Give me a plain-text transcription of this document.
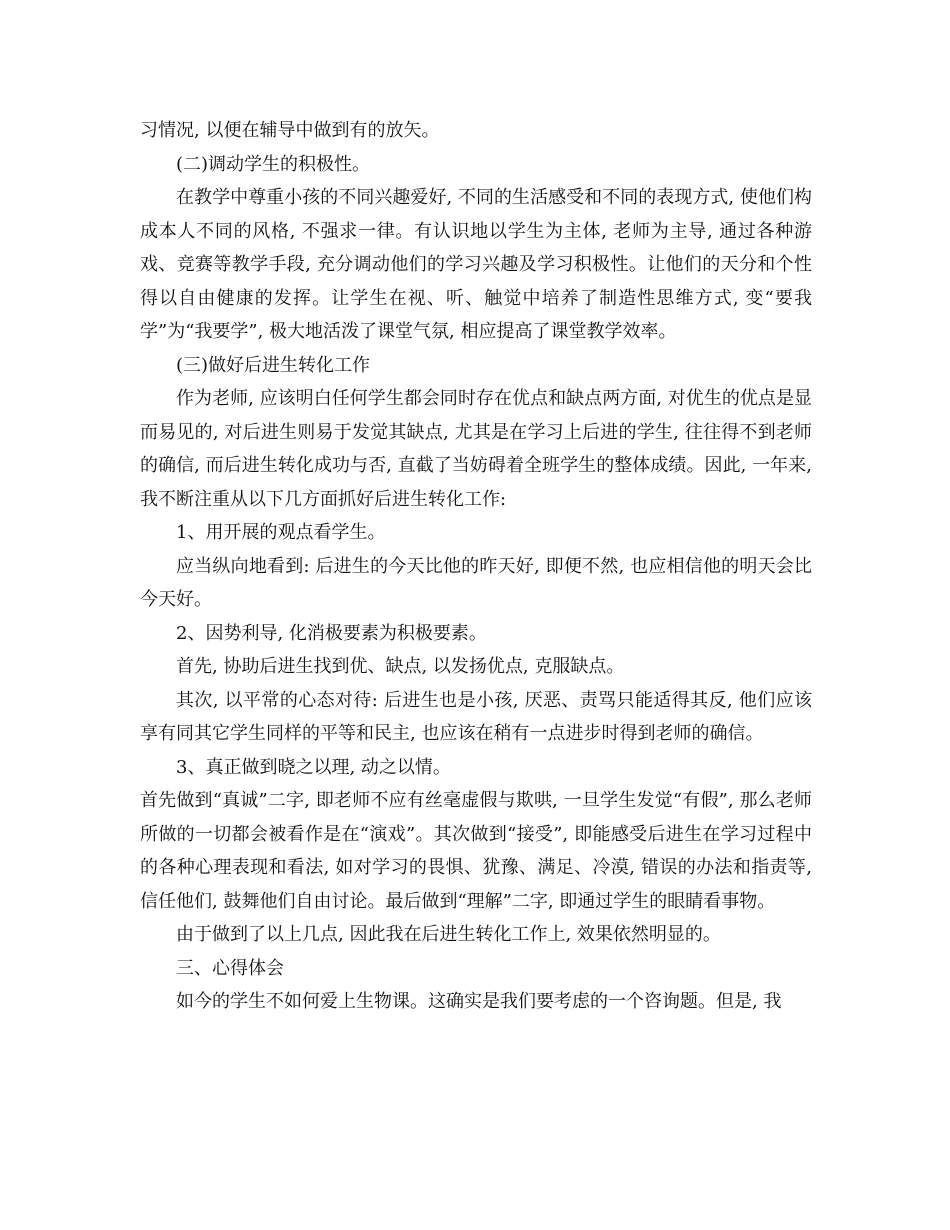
习情况, 以便在辅导中做到有的放矢。

(二)调动学生的积极性。

在教学中尊重小孩的不同兴趣爱好, 不同的生活感受和不同的表现方式, 使他们构成本人不同的风格, 不强求一律。有认识地以学生为主体, 老师为主导, 通过各种游戏、竞赛等教学手段, 充分调动他们的学习兴趣及学习积极性。让他们的天分和个性得以自由健康的发挥。让学生在视、听、触觉中培养了制造性思维方式, 变“要我学”为“我要学”, 极大地活泼了课堂气氛, 相应提高了课堂教学效率。

(三)做好后进生转化工作

作为老师, 应该明白任何学生都会同时存在优点和缺点两方面, 对优生的优点是显而易见的, 对后进生则易于发觉其缺点, 尤其是在学习上后进的学生, 往往得不到老师的确信, 而后进生转化成功与否, 直截了当妨碍着全班学生的整体成绩。因此, 一年来, 我不断注重从以下几方面抓好后进生转化工作:

1、用开展的观点看学生。

应当纵向地看到: 后进生的今天比他的昨天好, 即便不然, 也应相信他的明天会比今天好。

2、因势利导, 化消极要素为积极要素。

首先, 协助后进生找到优、缺点, 以发扬优点, 克服缺点。

其次, 以平常的心态对待: 后进生也是小孩, 厌恶、责骂只能适得其反, 他们应该享有同其它学生同样的平等和民主, 也应该在稍有一点进步时得到老师的确信。

3、真正做到晓之以理, 动之以情。

首先做到“真诚”二字, 即老师不应有丝毫虚假与欺哄, 一旦学生发觉“有假”, 那么老师所做的一切都会被看作是在“演戏”。其次做到“接受”, 即能感受后进生在学习过程中的各种心理表现和看法, 如对学习的畏惧、犹豫、满足、冷漠, 错误的办法和指责等, 信任他们, 鼓舞他们自由讨论。最后做到“理解”二字, 即通过学生的眼睛看事物。

由于做到了以上几点, 因此我在后进生转化工作上, 效果依然明显的。

三、心得体会

如今的学生不如何爱上生物课。这确实是我们要考虑的一个咨询题。但是, 我
